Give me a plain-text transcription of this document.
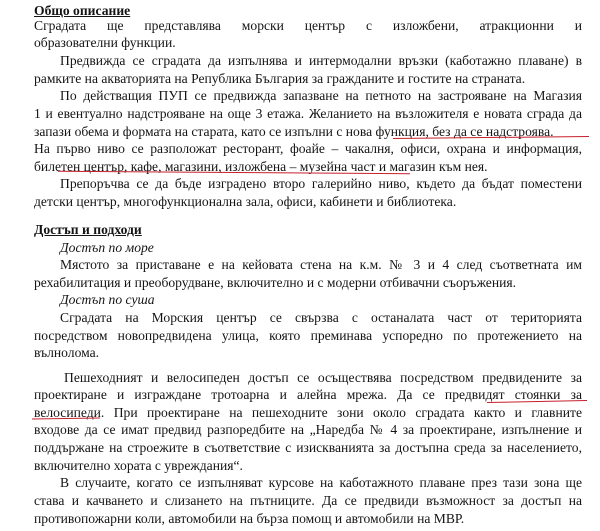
Общо описание
Сградата ще представлява морски център с изложбени, атракционни и
образователни функции.
Предвижда се сградата да изпълнява и интермодални връзки (каботажно плаване) в
рамките на акваторията на Република България за гражданите и гостите на страната.
По действащия ПУП се предвижда запазване на петното на застрояване на Магазия
1 и евентуално надстрояване на още 3 етажа. Желанието на възложителя е новата сграда да
запази обема и формата на старата, като се изпълни с нова функция, без да се надстроява.
На първо ниво се разположат ресторант, фоайе – чакалня, офиси, охрана и информация,
билетен център, кафе, магазини, изложбена – музейна част и магазин към нея.
Препоръчва се да бъде изградено второ галерийно ниво, където да бъдат поместени
детски център, многофункционална зала, офиси, кабинети и библиотека.
Достъп и подходи
Достъп по море
Мястото за приставане е на кейовата стена на к.м. № 3 и 4 след съответната им
рехабилитация и преоборудване, включително и с модерни отбивачни съоръжения.
Достъп по суша
Сградата на Морския център се свързва с останалата част от територията
посредством новопредвидена улица, която преминава успоредно по протежението на
вълнолома.
Пешеходният и велосипеден достъп се осъществява посредством предвидените за
проектиране и изграждане тротоарна и алейна мрежа. Да се предвидят стоянки за
велосипеди. При проектиране на пешеходните зони около сградата както и главните
входове да се имат предвид разпоредбите на „Наредба № 4 за проектиране, изпълнение и
поддържане на строежите в съответствие с изискванията за достъпна среда за населението,
включително хората с увреждания“.
В случаите, когато се изпълняват курсове на каботажното плаване през тази зона ще
става и качването и слизането на пътниците. Да се предвиди възможност за достъп на
противопожарни коли, автомобили на бърза помощ и автомобили на МВР.
